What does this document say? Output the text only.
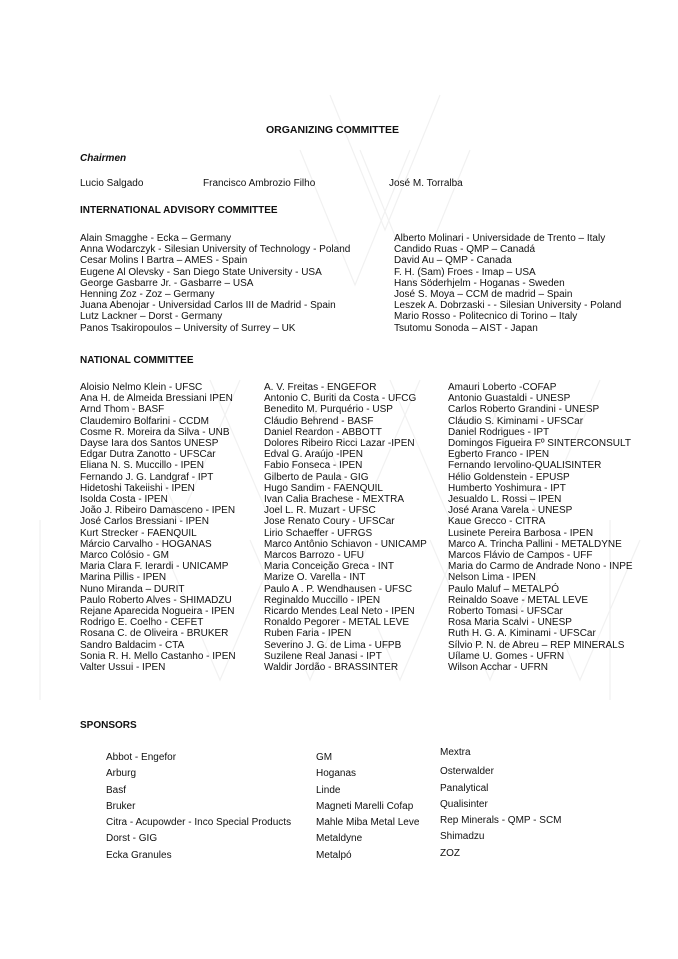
ORGANIZING COMMITTEE
Chairmen
Lucio Salgado	Francisco Ambrozio Filho	José M. Torralba
INTERNATIONAL ADVISORY COMMITTEE
Alain Smagghe - Ecka – Germany
Anna Wodarczyk - Silesian University of Technology - Poland
Cesar Molins I Bartra – AMES - Spain
Eugene Al Olevsky - San Diego State University - USA
George Gasbarre Jr. - Gasbarre – USA
Henning Zoz - Zoz – Germany
Juana Abenojar - Universidad Carlos III de Madrid - Spain
Lutz Lackner – Dorst - Germany
Panos Tsakiropoulos – University of Surrey – UK
Alberto Molinari - Universidade de Trento – Italy
Candido Ruas - QMP – Canadá
David Au – QMP - Canada
F. H. (Sam) Froes - Imap – USA
Hans Söderhjelm - Hoganas - Sweden
José S. Moya – CCM de madrid – Spain
Leszek A. Dobrzaski - - Silesian University - Poland
Mario Rosso - Politecnico di Torino – Italy
Tsutomu Sonoda – AIST - Japan
NATIONAL COMMITTEE
Aloisio Nelmo Klein - UFSC
Ana H. de Almeida Bressiani IPEN
Arnd Thom - BASF
Claudemiro Bolfarini - CCDM
Cosme R. Moreira da Silva - UNB
Dayse Iara dos Santos UNESP
Edgar Dutra Zanotto - UFSCar
Eliana N. S. Muccillo - IPEN
Fernando J. G. Landgraf - IPT
Hidetoshi Takeiishi - IPEN
Isolda Costa - IPEN
João J. Ribeiro Damasceno - IPEN
José Carlos Bressiani - IPEN
Kurt Strecker - FAENQUIL
Márcio Carvalho - HOGANAS
Marco Colósio - GM
Maria Clara F. Ierardi - UNICAMP
Marina Pillis - IPEN
Nuno Miranda – DURIT
Paulo Roberto Alves - SHIMADZU
Rejane Aparecida Nogueira - IPEN
Rodrigo E. Coelho - CEFET
Rosana C. de Oliveira - BRUKER
Sandro Baldacim - CTA
Sonia R. H. Mello Castanho - IPEN
Valter Ussui - IPEN
A. V. Freitas - ENGEFOR
Antonio C. Buriti da Costa - UFCG
Benedito M. Purquério - USP
Cláudio Behrend - BASF
Daniel Reardon - ABBOTT
Dolores Ribeiro Ricci Lazar -IPEN
Edval G. Araújo -IPEN
Fabio Fonseca - IPEN
Gilberto de Paula - GIG
Hugo Sandim - FAENQUIL
Ivan Calia Brachese - MEXTRA
Joel L. R. Muzart - UFSC
Jose Renato Coury - UFSCar
Lirio Schaeffer - UFRGS
Marco Antônio Schiavon - UNICAMP
Marcos Barrozo - UFU
Maria Conceição Greca - INT
Marize O. Varella - INT
Paulo A . P. Wendhausen - UFSC
Reginaldo Muccillo - IPEN
Ricardo Mendes Leal Neto - IPEN
Ronaldo Pegorer - METAL LEVE
Ruben Faria - IPEN
Severino J. G. de Lima - UFPB
Suzilene Real Janasi - IPT
Waldir Jordão - BRASSINTER
Amauri Loberto -COFAP
Antonio Guastaldi - UNESP
Carlos Roberto Grandini - UNESP
Cláudio S. Kiminami - UFSCar
Daniel Rodrigues - IPT
Domingos Figueira Fº SINTERCONSULT
Egberto Franco - IPEN
Fernando Iervolino-QUALISINTER
Hélio Goldenstein - EPUSP
Humberto Yoshimura - IPT
Jesualdo L. Rossi – IPEN
José Arana Varela - UNESP
Kaue Grecco - CITRA
Lusinete Pereira Barbosa - IPEN
Marco A. Trincha Pallini - METALDYNE
Marcos Flávio de Campos - UFF
Maria do Carmo de Andrade Nono - INPE
Nelson Lima - IPEN
Paulo Maluf – METALPÓ
Reinaldo Soave - METAL LEVE
Roberto Tomasi - UFSCar
Rosa Maria Scalvi - UNESP
Ruth H. G. A. Kiminami - UFSCar
Sílvio P. N. de Abreu – REP MINERALS
Uílame U. Gomes - UFRN
Wilson Acchar - UFRN
SPONSORS
Abbot - Engefor
Arburg
Basf
Bruker
Citra - Acupowder - Inco Special Products
Dorst - GIG
Ecka Granules
GM
Hoganas
Linde
Magneti Marelli Cofap
Mahle Miba Metal Leve
Metaldyne
Metalpó
Mextra
Osterwalder
Panalytical
Qualisinter
Rep Minerals - QMP - SCM
Shimadzu
ZOZ
